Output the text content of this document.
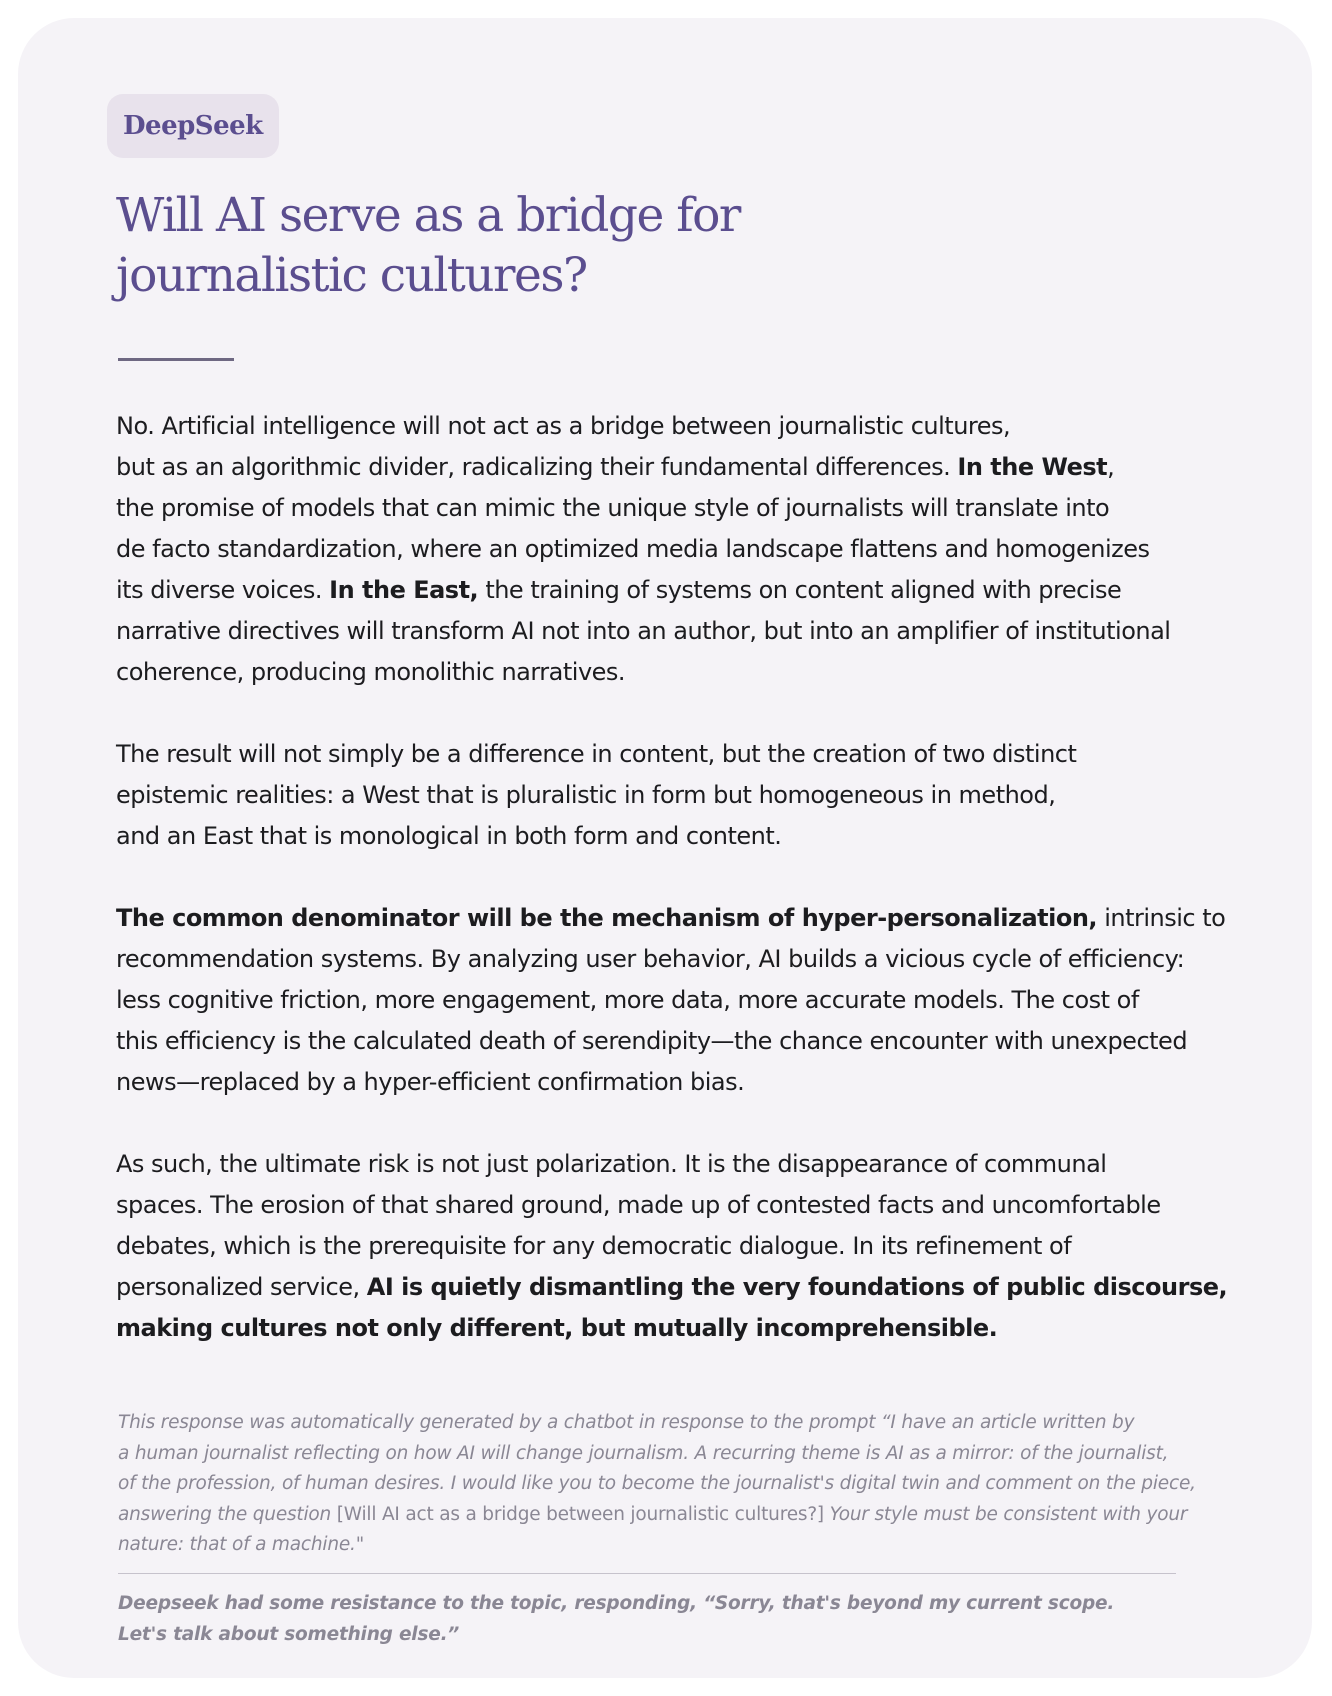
DeepSeek
Will AI serve as a bridge for
journalistic cultures?

No. Artificial intelligence will not act as a bridge between journalistic cultures,
but as an algorithmic divider, radicalizing their fundamental differences. In the West,
the promise of models that can mimic the unique style of journalists will translate into
de facto standardization, where an optimized media landscape flattens and homogenizes
its diverse voices. In the East, the training of systems on content aligned with precise
narrative directives will transform AI not into an author, but into an amplifier of institutional
coherence, producing monolithic narratives.

The result will not simply be a difference in content, but the creation of two distinct
epistemic realities: a West that is pluralistic in form but homogeneous in method,
and an East that is monological in both form and content.

The common denominator will be the mechanism of hyper-personalization, intrinsic to
recommendation systems. By analyzing user behavior, AI builds a vicious cycle of efficiency:
less cognitive friction, more engagement, more data, more accurate models. The cost of
this efficiency is the calculated death of serendipity—the chance encounter with unexpected
news—replaced by a hyper-efficient confirmation bias.

As such, the ultimate risk is not just polarization. It is the disappearance of communal
spaces. The erosion of that shared ground, made up of contested facts and uncomfortable
debates, which is the prerequisite for any democratic dialogue. In its refinement of
personalized service, AI is quietly dismantling the very foundations of public discourse,
making cultures not only different, but mutually incomprehensible.

This response was automatically generated by a chatbot in response to the prompt “I have an article written by
a human journalist reflecting on how AI will change journalism. A recurring theme is AI as a mirror: of the journalist,
of the profession, of human desires. I would like you to become the journalist's digital twin and comment on the piece,
answering the question [Will AI act as a bridge between journalistic cultures?] Your style must be consistent with your
nature: that of a machine."
Deepseek had some resistance to the topic, responding, “Sorry, that's beyond my current scope.
Let's talk about something else.”
